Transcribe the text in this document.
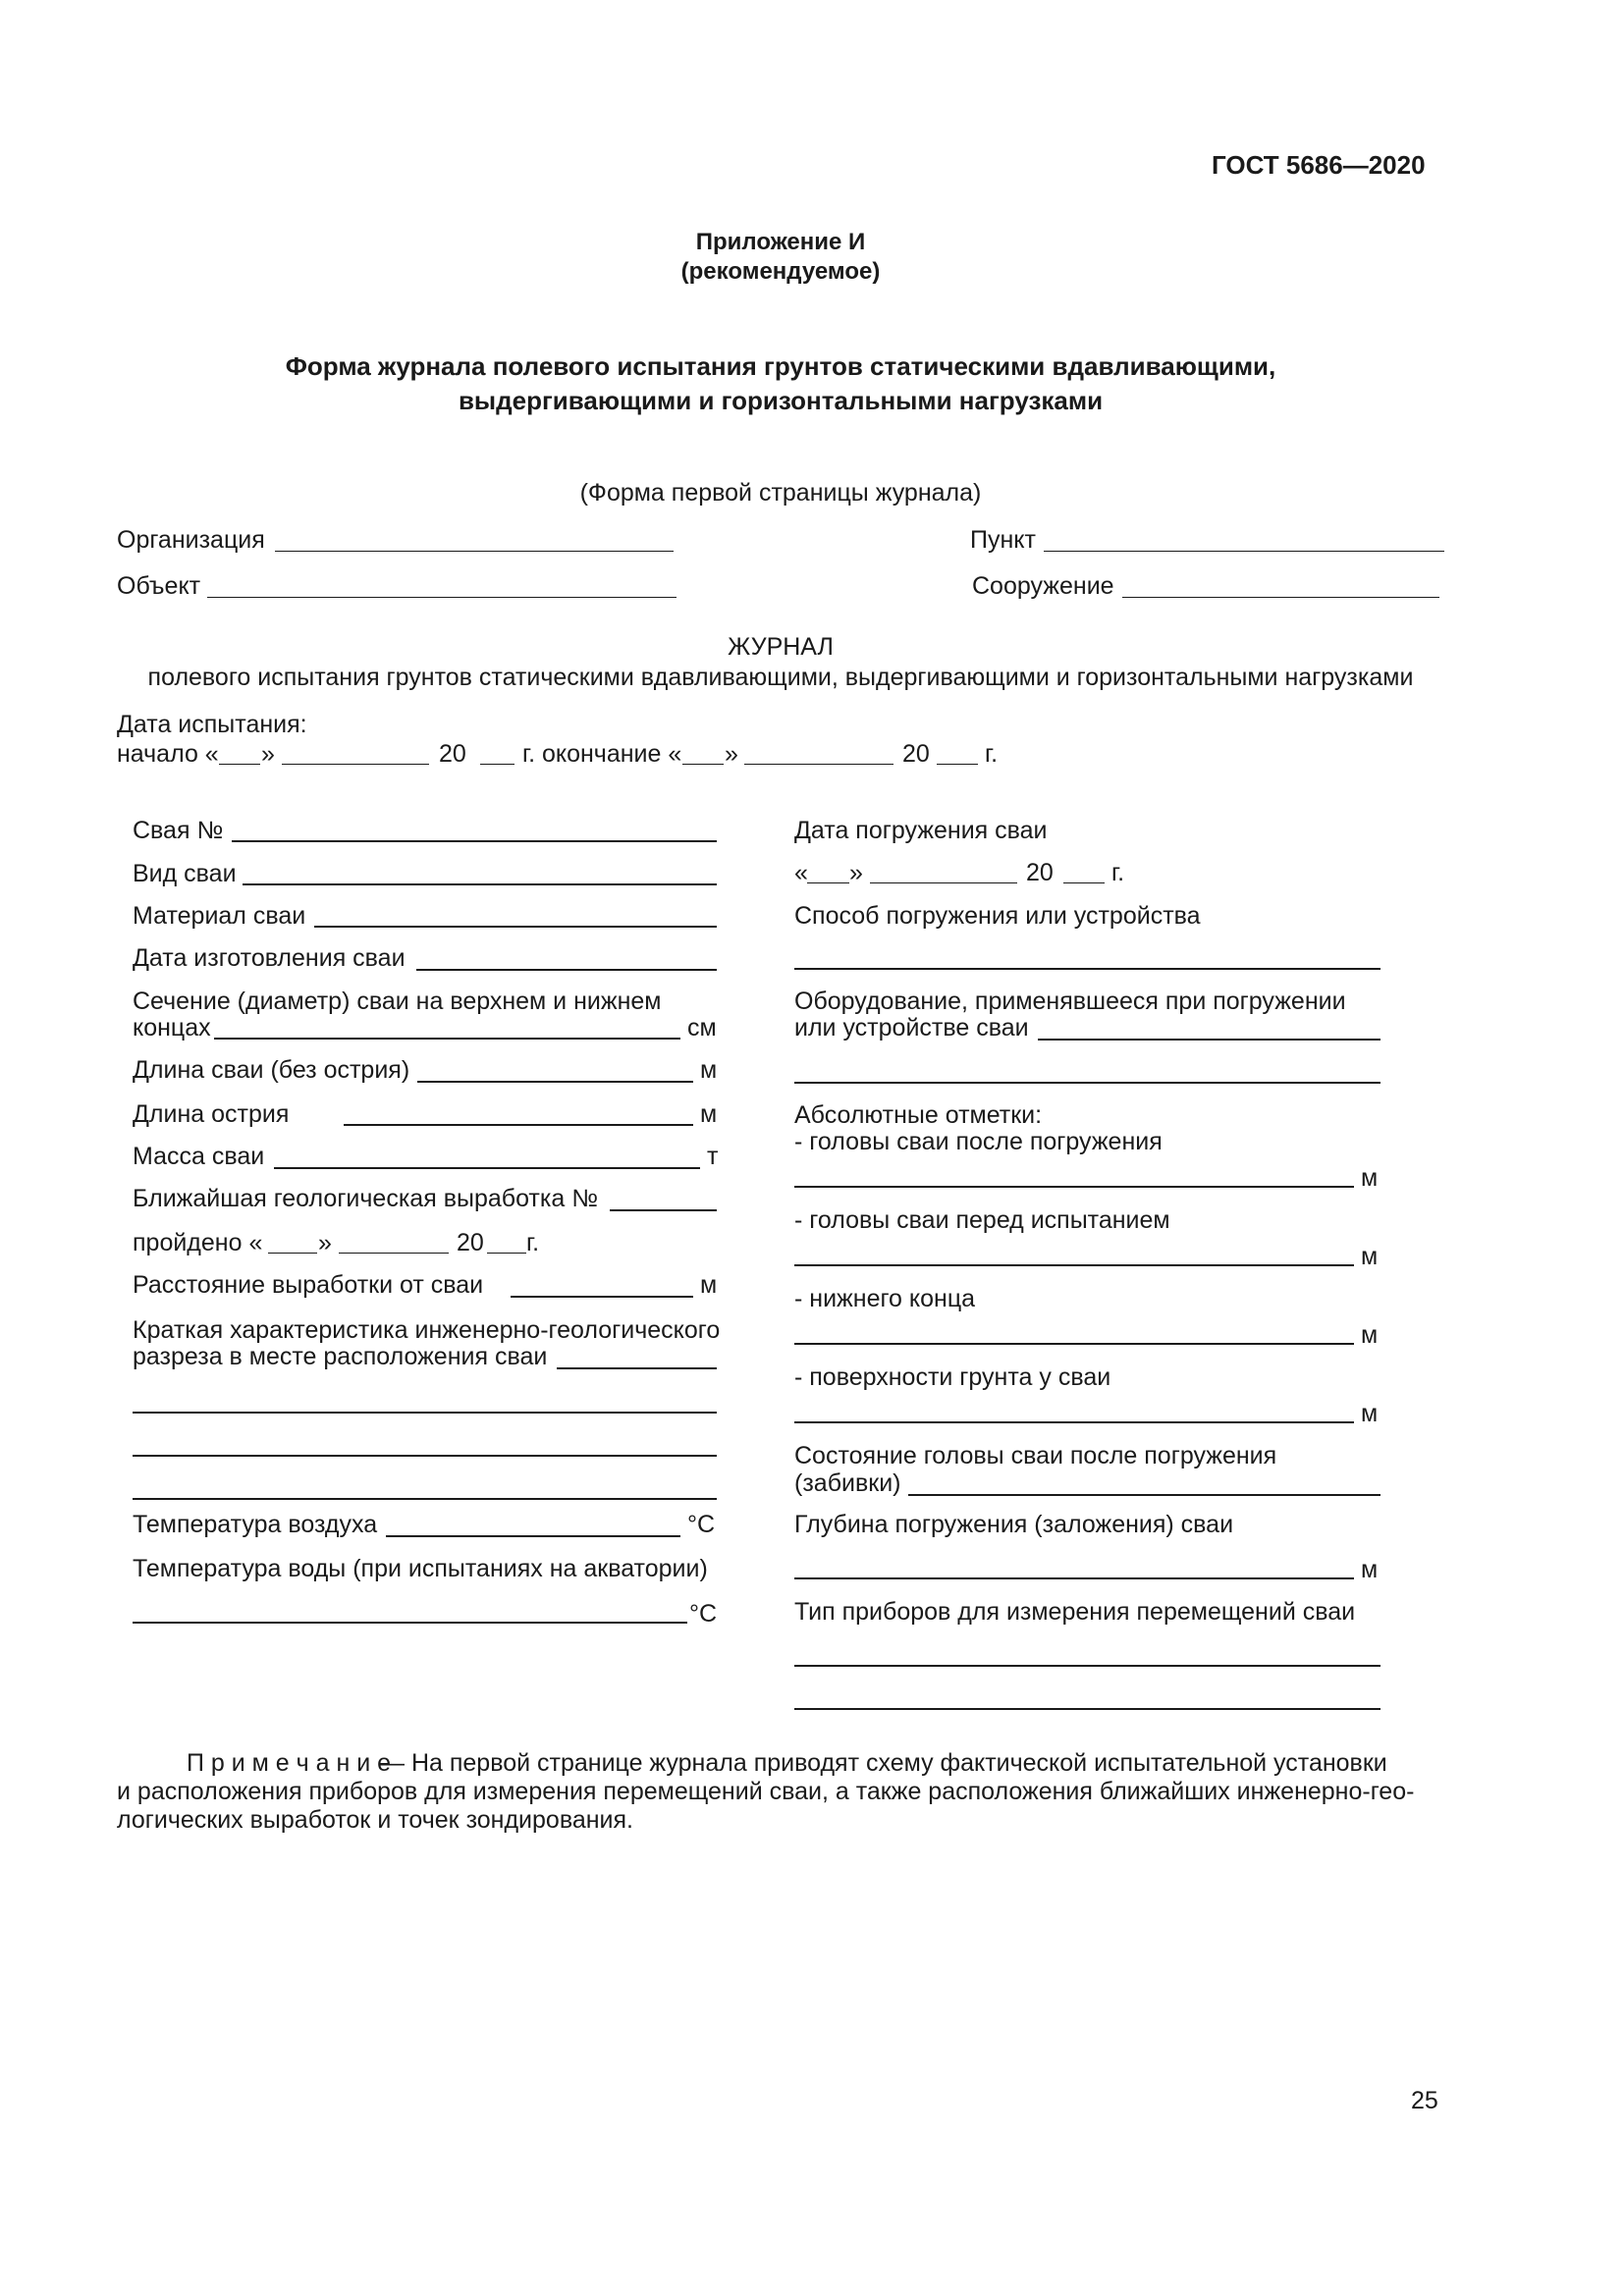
ГОСТ 5686—2020
Приложение И
(рекомендуемое)
Форма журнала полевого испытания грунтов статическими вдавливающими,
выдергивающими и горизонтальными нагрузками
(Форма первой страницы журнала)
Организация	Пункт
Объект	Сооружение
ЖУРНАЛ
полевого испытания грунтов статическими вдавливающими, выдергивающими и горизонтальными нагрузками
Дата испытания:
начало « »	20 г. окончание « »	20 г.
Свая №
Вид сваи
Материал сваи
Дата изготовления сваи
Сечение (диаметр) сваи на верхнем и нижнем
концах	см
Длина сваи (без острия)	м
Длина острия	м
Масса сваи	т
Ближайшая геологическая выработка №
пройдено « »	20 г.
Расстояние выработки от сваи	м
Краткая характеристика инженерно-геологического
разреза в месте расположения сваи
Температура воздуха	°С
Температура воды (при испытаниях на акватории)
°С
Дата погружения сваи
« »	20 г.
Способ погружения или устройства
Оборудование, применявшееся при погружении
или устройстве сваи
Абсолютные отметки:
- головы сваи после погружения
м
- головы сваи перед испытанием
м
- нижнего конца
м
- поверхности грунта у сваи
м
Состояние головы сваи после погружения
(забивки)
Глубина погружения (заложения) сваи
м
Тип приборов для измерения перемещений сваи
П р и м е ч а н и е
— На первой странице журнала приводят схему фактической испытательной установки
и расположения приборов для измерения перемещений сваи, а также расположения ближайших инженерно-гео-
логических выработок и точек зондирования.
25
